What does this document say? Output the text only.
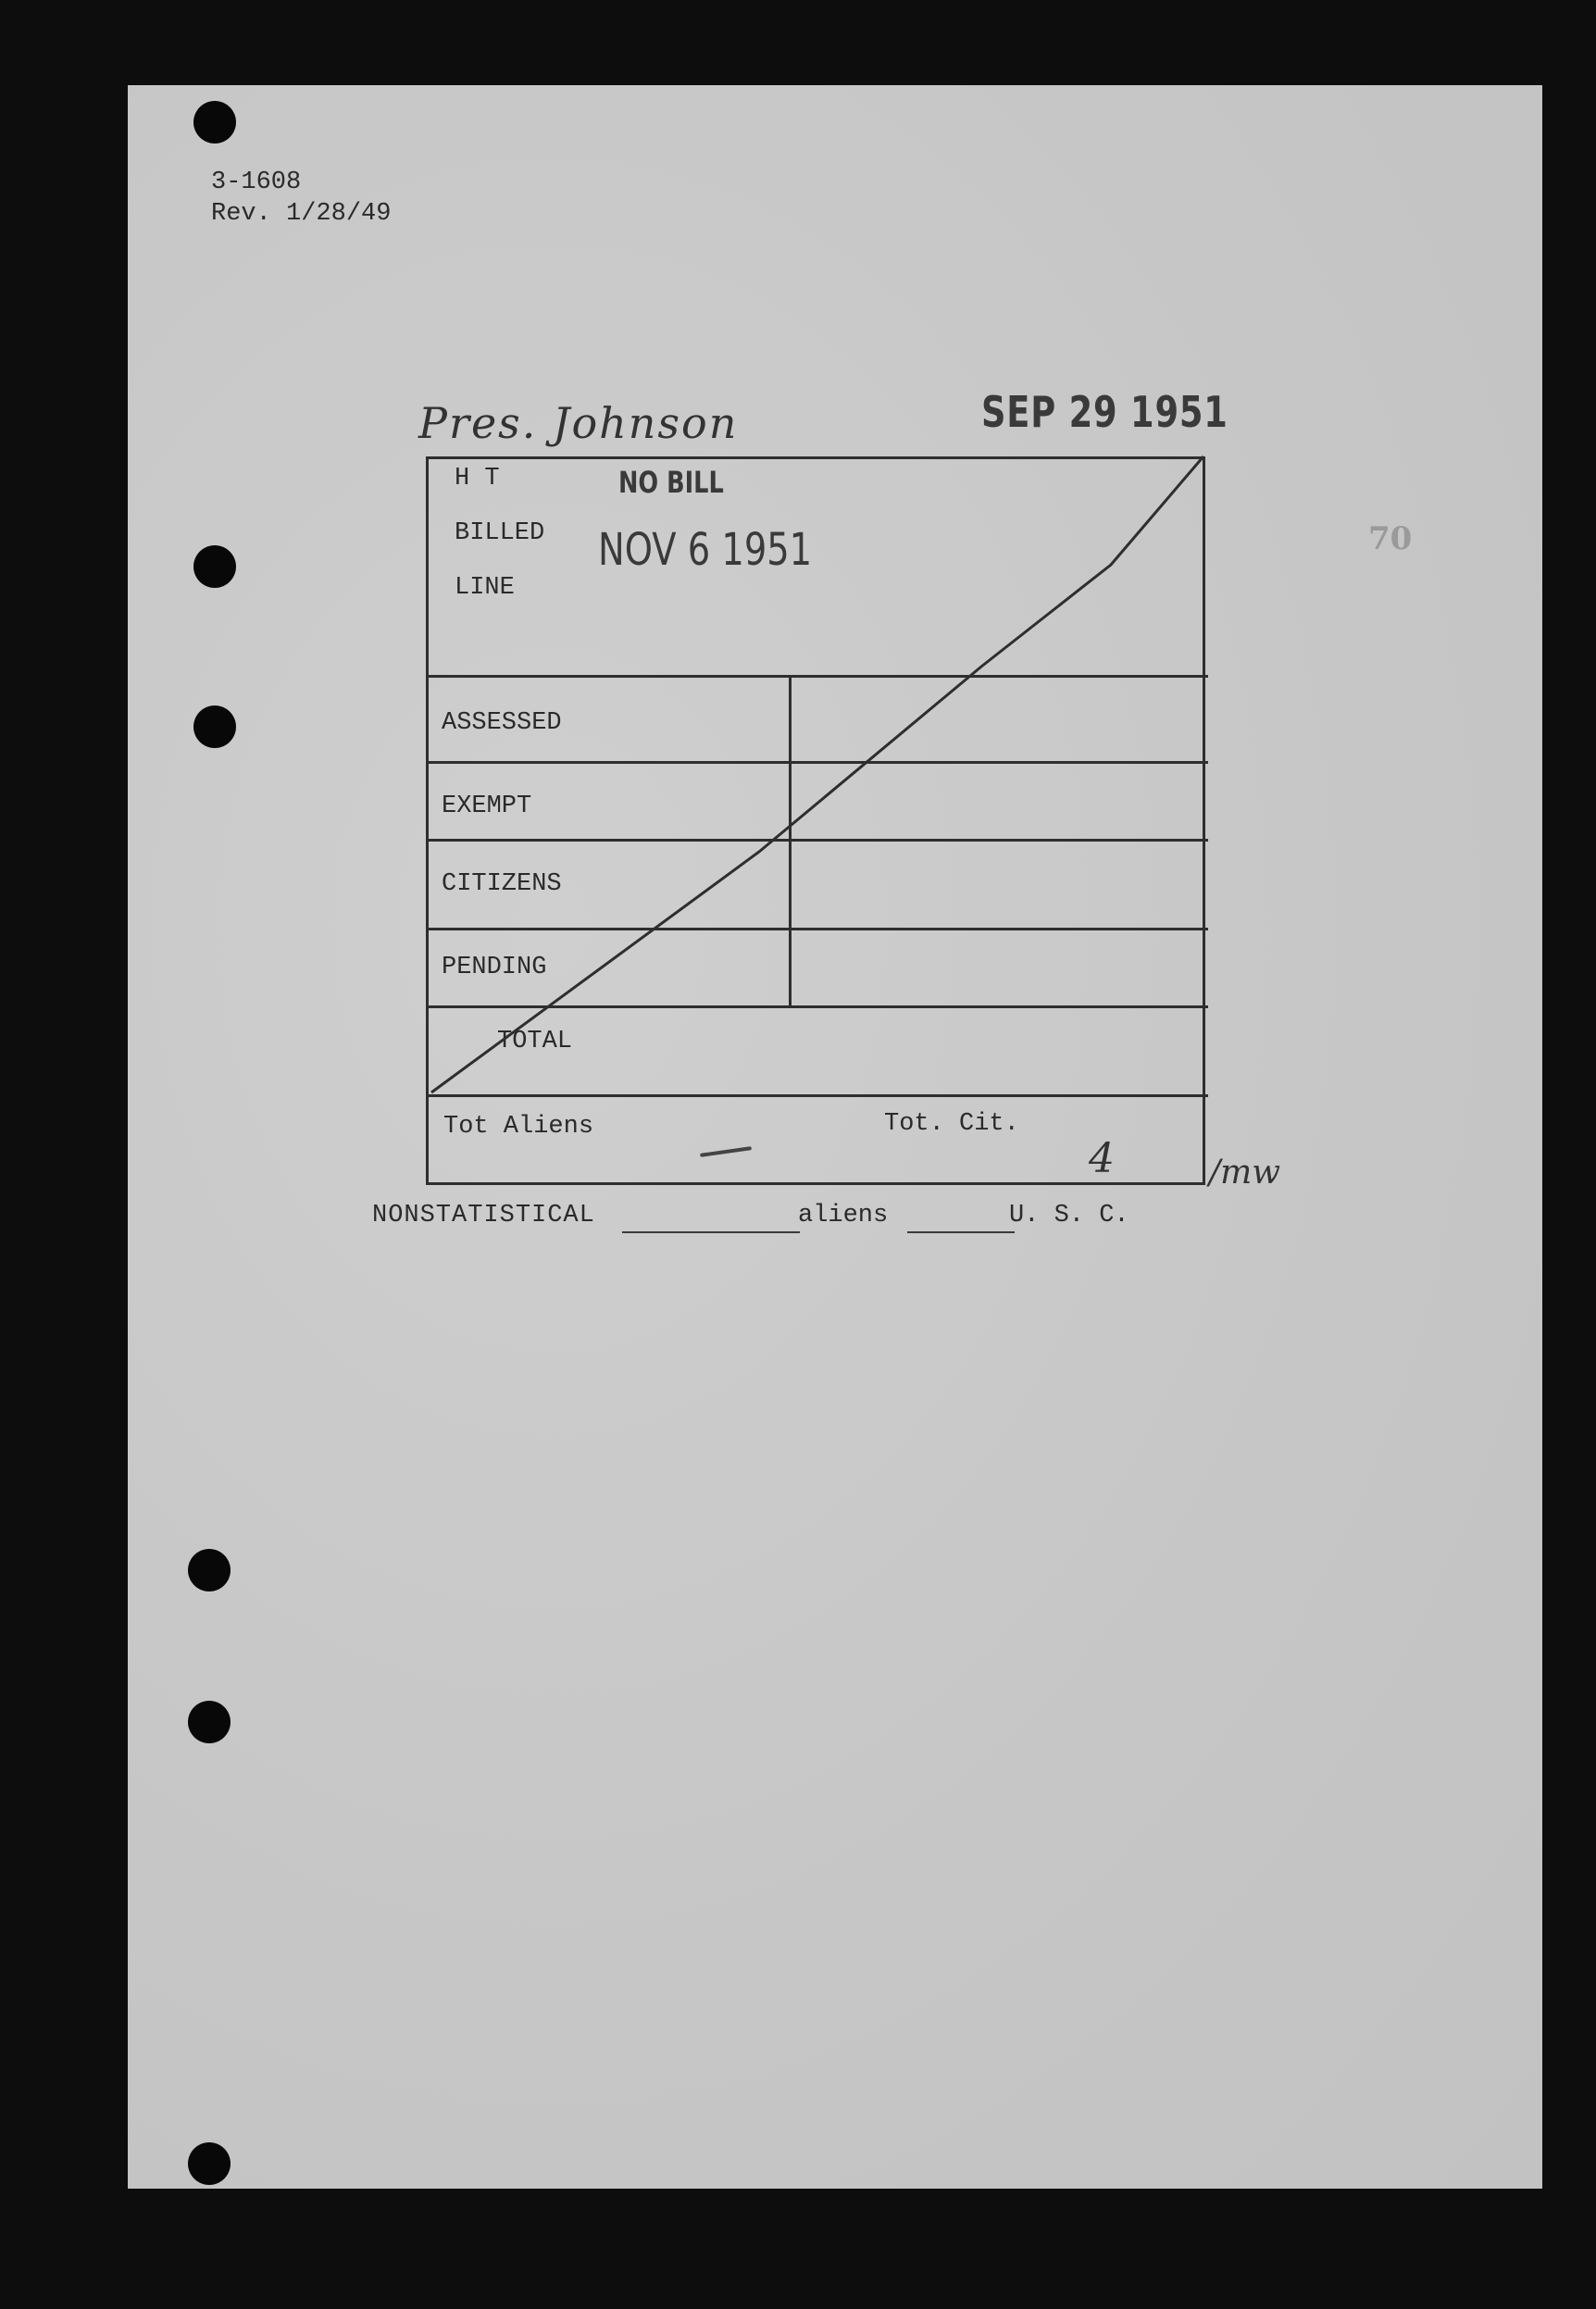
3-1608
Rev. 1/28/49
Pres. Johnson	SEP 29 1951
70
H T
BILLED
LINE
ASSESSED
EXEMPT
CITIZENS
PENDING
TOTAL
Tot Aliens	Tot. Cit.
NO BILL
NOV 6 1951
4	/mw
NONSTATISTICAL	aliens	U. S. C.
